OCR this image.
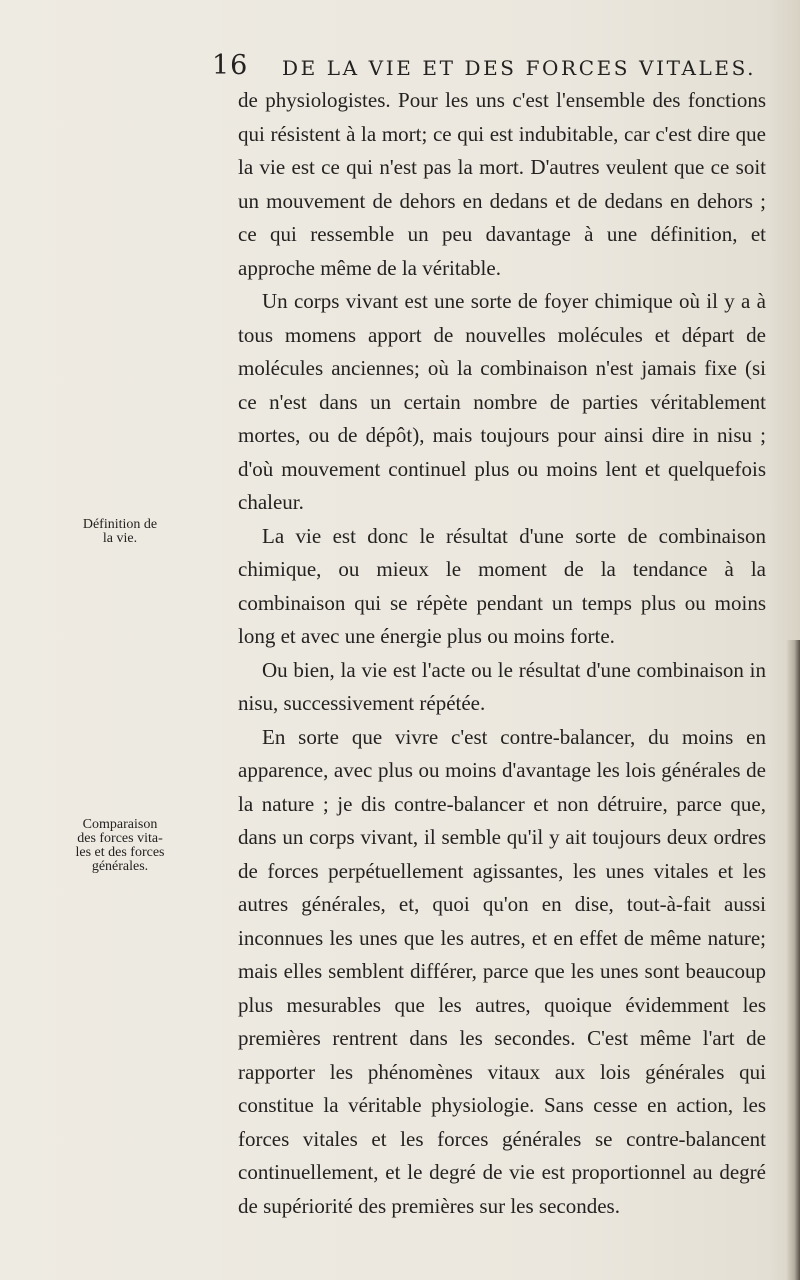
16 DE LA VIE ET DES FORCES VITALES.
Définition de
la vie.
Comparaison
des forces vita-
les et des forces
générales.

de physiologistes. Pour les uns c'est l'ensemble des fonctions qui résistent à la mort; ce qui est indubitable, car c'est dire que la vie est ce qui n'est pas la mort. D'autres veulent que ce soit un mouvement de dehors en dedans et de dedans en dehors ; ce qui ressemble un peu davantage à une définition, et approche même de la véritable.

Un corps vivant est une sorte de foyer chimique où il y a à tous momens apport de nouvelles molécules et départ de molécules anciennes; où la combinaison n'est jamais fixe (si ce n'est dans un certain nombre de parties véritablement mortes, ou de dépôt), mais toujours pour ainsi dire in nisu ; d'où mouvement continuel plus ou moins lent et quelquefois chaleur.

La vie est donc le résultat d'une sorte de combinaison chimique, ou mieux le moment de la tendance à la combinaison qui se répète pendant un temps plus ou moins long et avec une énergie plus ou moins forte.

Ou bien, la vie est l'acte ou le résultat d'une combinaison in nisu, successivement répétée.

En sorte que vivre c'est contre-balancer, du moins en apparence, avec plus ou moins d'avantage les lois générales de la nature ; je dis contre-balancer et non détruire, parce que, dans un corps vivant, il semble qu'il y ait toujours deux ordres de forces perpétuellement agissantes, les unes vitales et les autres générales, et, quoi qu'on en dise, tout-à-fait aussi inconnues les unes que les autres, et en effet de même nature; mais elles semblent différer, parce que les unes sont beaucoup plus mesurables que les autres, quoique évidemment les premières rentrent dans les secondes. C'est même l'art de rapporter les phénomènes vitaux aux lois générales qui constitue la véritable physiologie. Sans cesse en action, les forces vitales et les forces générales se contre-balancent continuellement, et le degré de vie est proportionnel au degré de supériorité des premières sur les secondes.
